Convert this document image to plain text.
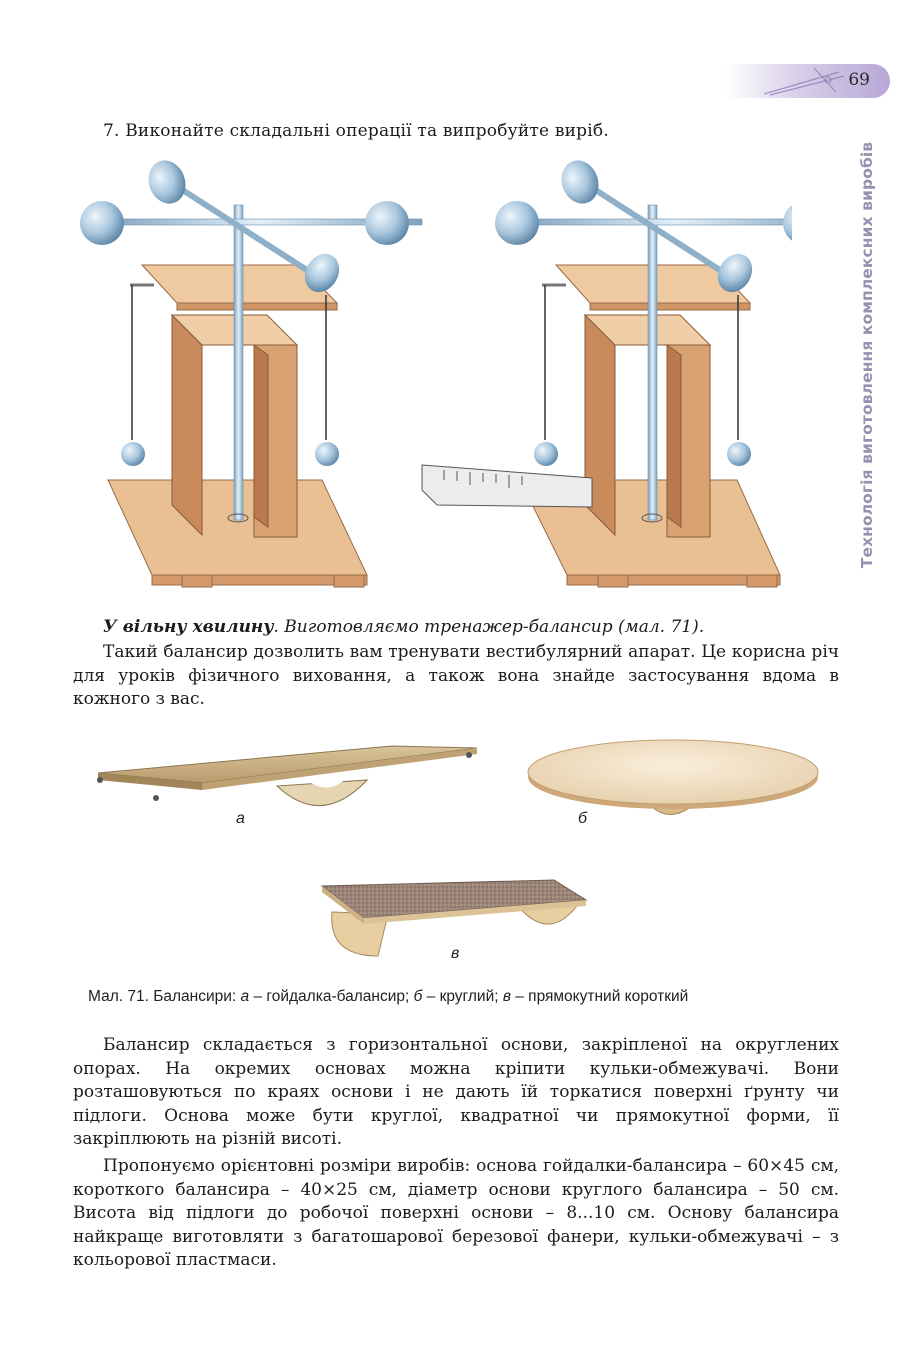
69
Технологія виготовлення комплексних виробів
7. Виконайте складальні операції та випробуйте виріб.
У вільну хвилину. Виготовляємо тренажер-балансир (мал. 71).

Такий балансир дозволить вам тренувати вестибулярний апарат. Це корисна річ для уроків фізичного виховання, а також вона знайде застосування вдома в кожного з вас.

а	б
в
Мал. 71. Балансири: а – гойдалка-балансир; б – круглий; в – прямокутний короткий

Балансир складається з горизонтальної основи, закріпленої на округлених опорах. На окремих основах можна кріпити кульки-обмежувачі. Вони розташовуються по краях основи і не дають їй торкатися поверхні ґрунту чи підлоги. Основа може бути круглої, квадратної чи прямокутної форми, її закріплюють на різній висоті.

Пропонуємо орієнтовні розміри виробів: основа гойдалки-балансира – 60×45 см, короткого балансира – 40×25 см, діаметр основи круглого балансира – 50 см. Висота від підлоги до робочої поверхні основи – 8...10 см. Основу балансира найкраще виготовляти з багатошарової березової фанери, кульки-обмежувачі – з кольорової пластмаси.
